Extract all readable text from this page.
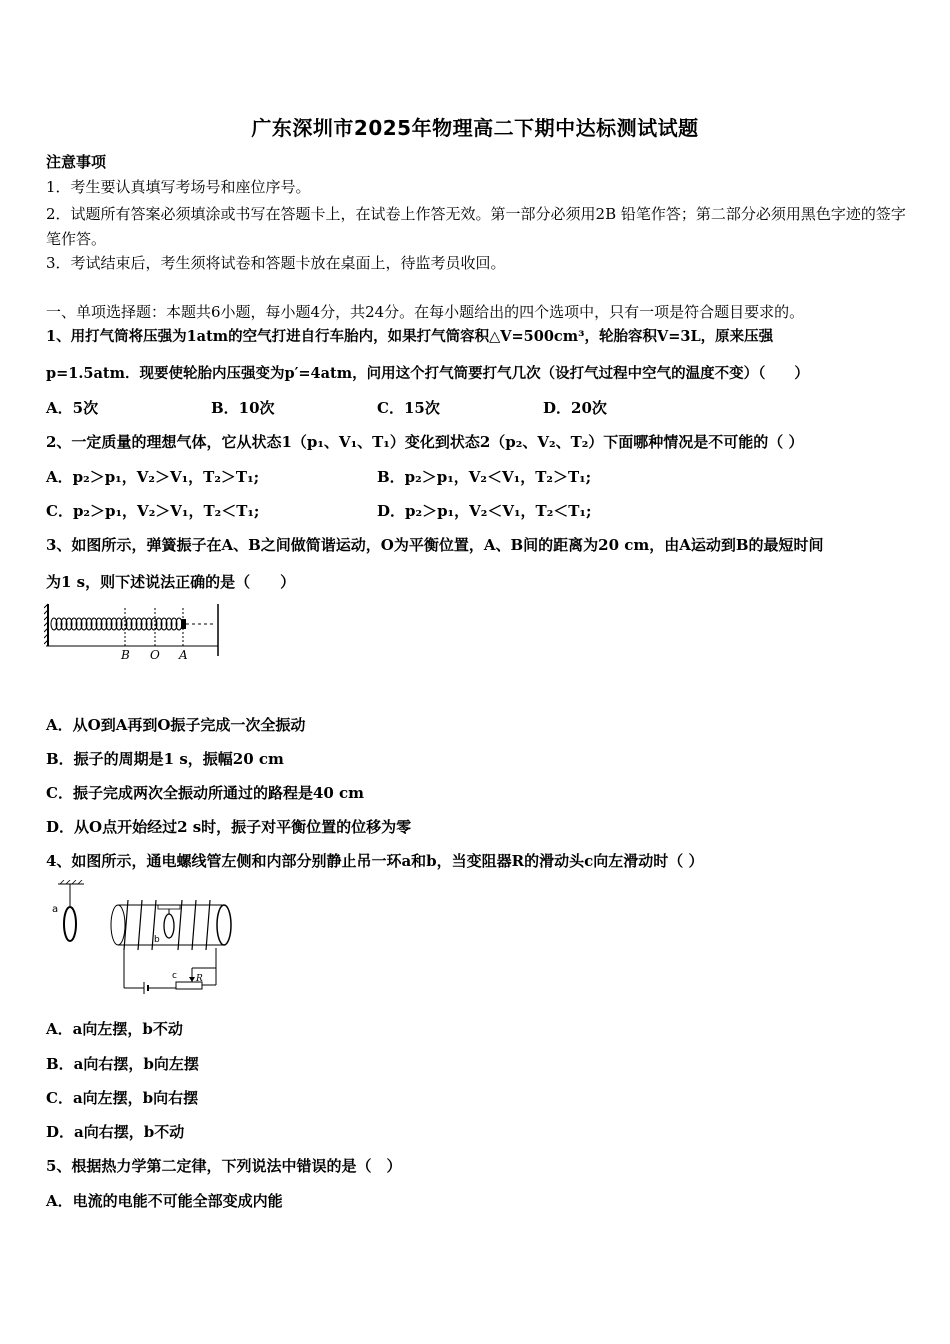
广东深圳市2025年物理高二下期中达标测试试题
注意事项
1．考生要认真填写考场号和座位序号。
2．试题所有答案必须填涂或书写在答题卡上，在试卷上作答无效。第一部分必须用2B 铅笔作答；第二部分必须用黑色字迹的签字笔作答。
3．考试结束后，考生须将试卷和答题卡放在桌面上，待监考员收回。
一、单项选择题：本题共6小题，每小题4分，共24分。在每小题给出的四个选项中，只有一项是符合题目要求的。
1、用打气筒将压强为1atm的空气打进自行车胎内，如果打气筒容积△V=500cm³，轮胎容积V=3L，原来压强
p=1.5atm．现要使轮胎内压强变为p′=4atm，问用这个打气筒要打气几次（设打气过程中空气的温度不变）（　　）
A．5次	B．10次	C．15次	D．20次
2、一定质量的理想气体，它从状态1（p₁、V₁、T₁）变化到状态2（p₂、V₂、T₂）下面哪种情况是不可能的（ ）
A．p₂＞p₁，V₂＞V₁，T₂＞T₁;	B．p₂＞p₁，V₂＜V₁，T₂＞T₁;
C．p₂＞p₁，V₂＞V₁，T₂＜T₁;	D．p₂＞p₁，V₂＜V₁，T₂＜T₁;
3、如图所示，弹簧振子在A、B之间做简谐运动，O为平衡位置，A、B间的距离为20 cm，由A运动到B的最短时间
为1 s，则下述说法正确的是（　　）
B O A
A．从O到A再到O振子完成一次全振动
B．振子的周期是1 s，振幅20 cm
C．振子完成两次全振动所通过的路程是40 cm
D．从O点开始经过2 s时，振子对平衡位置的位移为零
4、如图所示，通电螺线管左侧和内部分别静止吊一环a和b，当变阻器R的滑动头c向左滑动时（ ）
a
b
c R
A．a向左摆，b不动
B．a向右摆，b向左摆
C．a向左摆，b向右摆
D．a向右摆，b不动
5、根据热力学第二定律，下列说法中错误的是（　）
A．电流的电能不可能全部变成内能
